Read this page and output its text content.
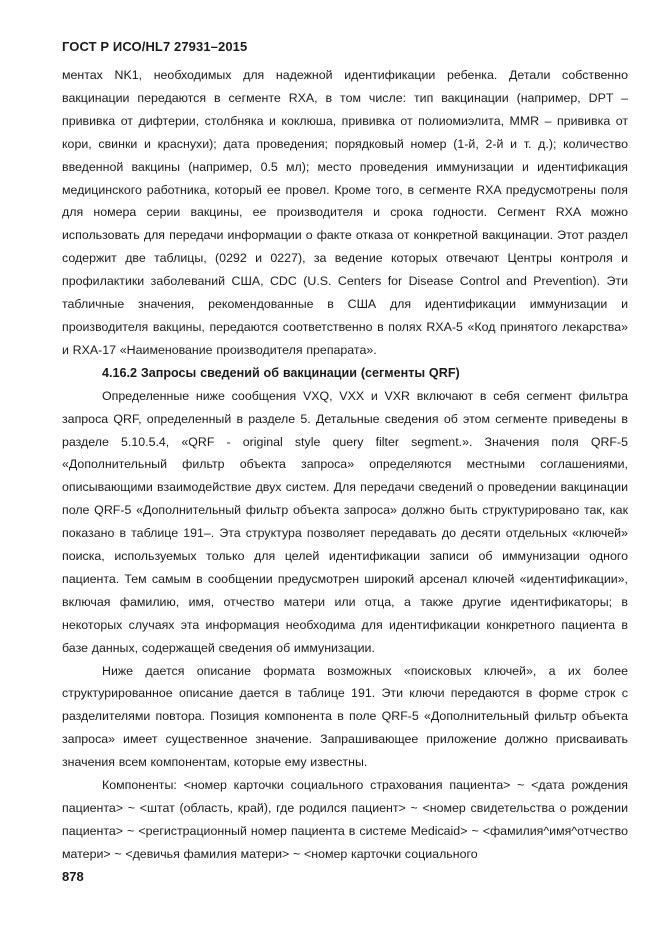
ГОСТ Р ИСО/HL7 27931–2015

ментах NK1, необходимых для надежной идентификации ребенка. Детали собственно вакцинации передаются в сегменте RXA, в том числе: тип вакцинации (например, DPT – прививка от дифтерии, столбняка и коклюша, прививка от полиомиэлита, MMR – прививка от кори, свинки и краснухи); дата проведения; порядковый номер (1-й, 2-й и т. д.); количество введенной вакцины (например, 0.5 мл); место проведения иммунизации и идентификация медицинского работника, который ее провел. Кроме того, в сегменте RXA предусмотрены поля для номера серии вакцины, ее производителя и срока годности. Сегмент RXA можно использовать для передачи информации о факте отказа от конкретной вакцинации. Этот раздел содержит две таблицы, (0292 и 0227), за ведение которых отвечают Центры контроля и профилактики заболеваний США, CDC (U.S. Centers for Disease Control and Prevention). Эти табличные значения, рекомендованные в США для идентификации иммунизации и производителя вакцины, передаются соответственно в полях RXA-5 «Код принятого лекарства» и RXA-17 «Наименование производителя препарата».

4.16.2 Запросы сведений об вакцинации (сегменты QRF)

Определенные ниже сообщения VXQ, VXX и VXR включают в себя сегмент фильтра запроса QRF, определенный в разделе 5. Детальные сведения об этом сегменте приведены в разделе 5.10.5.4, «QRF - original style query filter segment.». Значения поля QRF-5 «Дополнительный фильтр объекта запроса» определяются местными соглашениями, описывающими взаимодействие двух систем. Для передачи сведений о проведении вакцинации поле QRF-5 «Дополнительный фильтр объекта запроса» должно быть структурировано так, как показано в таблице 191–. Эта структура позволяет передавать до десяти отдельных «ключей» поиска, используемых только для целей идентификации записи об иммунизации одного пациента. Тем самым в сообщении предусмотрен широкий арсенал ключей «идентификации», включая фамилию, имя, отчество матери или отца, а также другие идентификаторы; в некоторых случаях эта информация необходима для идентификации конкретного пациента в базе данных, содержащей сведения об иммунизации.

Ниже дается описание формата возможных «поисковых ключей», а их более структурированное описание дается в таблице 191. Эти ключи передаются в форме строк с разделителями повтора. Позиция компонента в поле QRF-5 «Дополнительный фильтр объекта запроса» имеет существенное значение. Запрашивающее приложение должно присваивать значения всем компонентам, которые ему известны.

Компоненты: <номер карточки социального страхования пациента> ~ <дата рождения пациента> ~ <штат (область, край), где родился пациент> ~ <номер свидетельства о рождении пациента> ~ <регистрационный номер пациента в системе Medicaid> ~ <фамилия^имя^отчество матери> ~ <девичья фамилия матери> ~ <номер карточки социального

878
